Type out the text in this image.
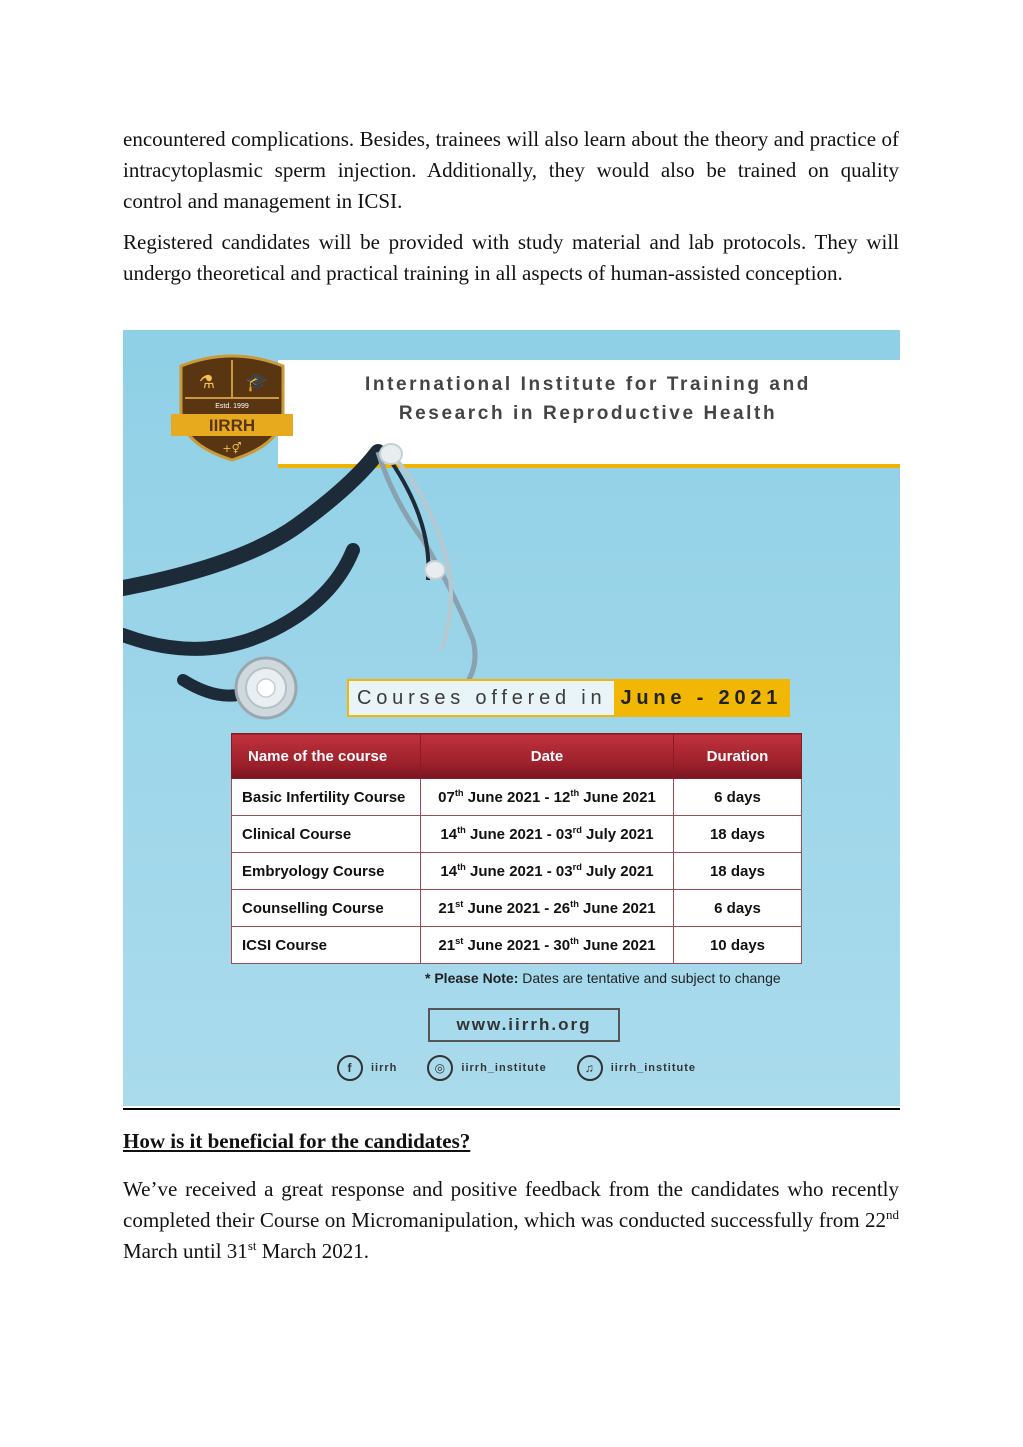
encountered complications. Besides, trainees will also learn about the theory and practice of intracytoplasmic sperm injection. Additionally, they would also be trained on quality control and management in ICSI.

Registered candidates will be provided with study material and lab protocols. They will undergo theoretical and practical training in all aspects of human-assisted conception.

⚗ 🎓
Estd. 1999
IIRRH
+⚥
International Institute for Training and
Research in Reproductive Health
Courses offered in June - 2021
Name of the course	Date	Duration
Basic Infertility Course	07th June 2021 - 12th June 2021	6 days
Clinical Course	14th June 2021 - 03rd July 2021	18 days
Embryology Course	14th June 2021 - 03rd July 2021	18 days
Counselling Course	21st June 2021 - 26th June 2021	6 days
ICSI Course	21st June 2021 - 30th June 2021	10 days
* Please Note: Dates are tentative and subject to change
www.iirrh.org
f	iirrh	◎	iirrh_institute	♫	iirrh_institute
How is it beneficial for the candidates?

We’ve received a great response and positive feedback from the candidates who recently completed their Course on Micromanipulation, which was conducted successfully from 22nd March until 31st March 2021.
